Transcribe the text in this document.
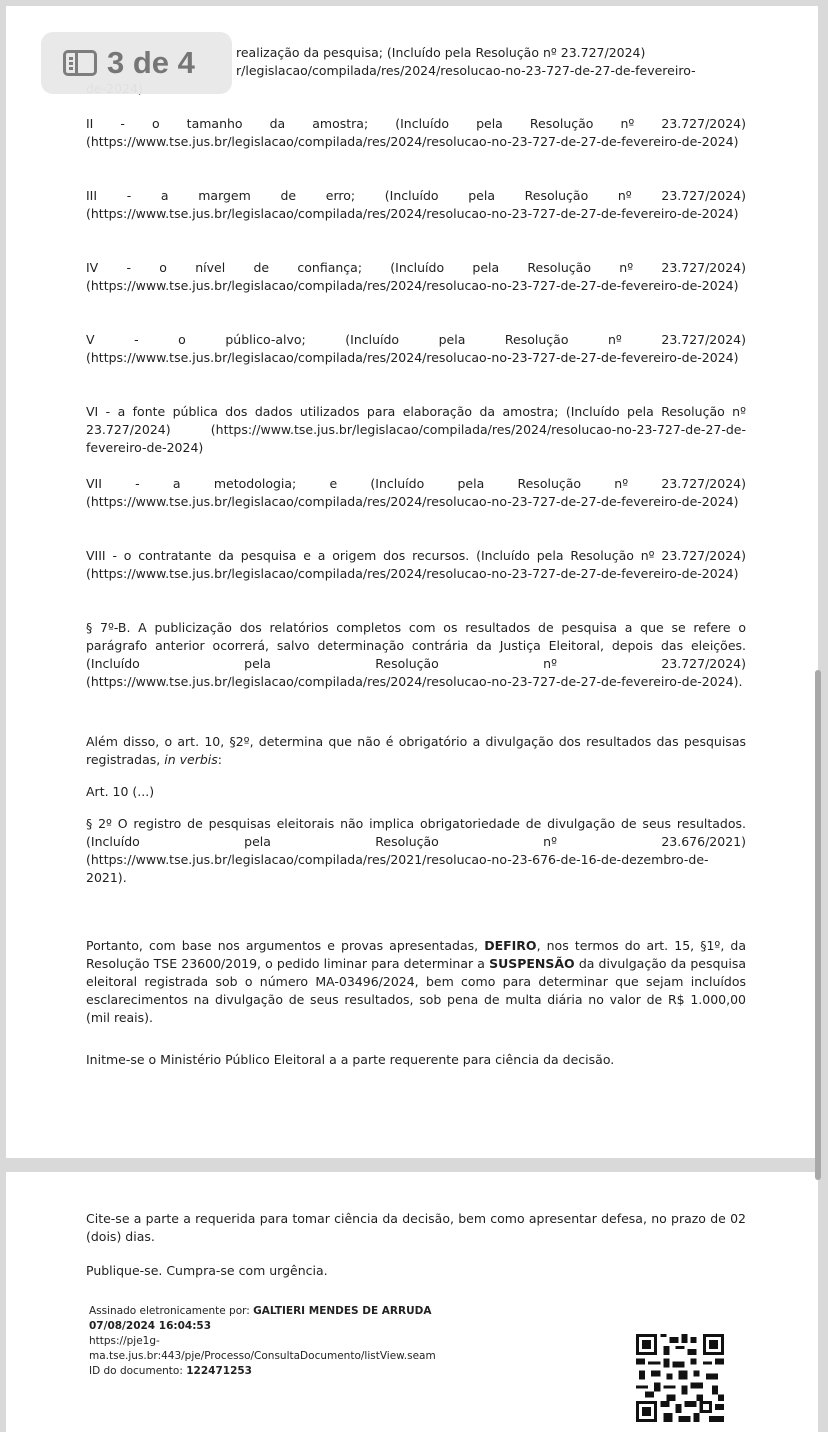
realização da pesquisa; (Incluído pela Resolução nº 23.727/2024)
r/legislacao/compilada/res/2024/resolucao-no-23-727-de-27-de-fevereiro-
II - o tamanho da amostra; (Incluído pela Resolução nº 23.727/2024) (https://www.tse.jus.br/legislacao/compilada/res/2024/resolucao-no-23-727-de-27-de-fevereiro-de-2024)
III - a margem de erro; (Incluído pela Resolução nº 23.727/2024) (https://www.tse.jus.br/legislacao/compilada/res/2024/resolucao-no-23-727-de-27-de-fevereiro-de-2024)
IV - o nível de confiança; (Incluído pela Resolução nº 23.727/2024) (https://www.tse.jus.br/legislacao/compilada/res/2024/resolucao-no-23-727-de-27-de-fevereiro-de-2024)
V - o público-alvo; (Incluído pela Resolução nº 23.727/2024) (https://www.tse.jus.br/legislacao/compilada/res/2024/resolucao-no-23-727-de-27-de-fevereiro-de-2024)
VI - a fonte pública dos dados utilizados para elaboração da amostra; (Incluído pela Resolução nº 23.727/2024) (https://www.tse.jus.br/legislacao/compilada/res/2024/resolucao-no-23-727-de-27-de-fevereiro-de-2024)
VII - a metodologia; e (Incluído pela Resolução nº 23.727/2024) (https://www.tse.jus.br/legislacao/compilada/res/2024/resolucao-no-23-727-de-27-de-fevereiro-de-2024)
VIII - o contratante da pesquisa e a origem dos recursos. (Incluído pela Resolução nº 23.727/2024) (https://www.tse.jus.br/legislacao/compilada/res/2024/resolucao-no-23-727-de-27-de-fevereiro-de-2024)
§ 7º-B. A publicização dos relatórios completos com os resultados de pesquisa a que se refere o parágrafo anterior ocorrerá, salvo determinação contrária da Justiça Eleitoral, depois das eleições. (Incluído pela Resolução nº 23.727/2024) (https://www.tse.jus.br/legislacao/compilada/res/2024/resolucao-no-23-727-de-27-de-fevereiro-de-2024).
Além disso, o art. 10, §2º, determina que não é obrigatório a divulgação dos resultados das pesquisas registradas, in verbis:
Art. 10 (...)
§ 2º O registro de pesquisas eleitorais não implica obrigatoriedade de divulgação de seus resultados. (Incluído pela Resolução nº 23.676/2021) (https://www.tse.jus.br/legislacao/compilada/res/2021/resolucao-no-23-676-de-16-de-dezembro-de-2021).
Portanto, com base nos argumentos e provas apresentadas, DEFIRO, nos termos do art. 15, §1º, da Resolução TSE 23600/2019, o pedido liminar para determinar a SUSPENSÃO da divulgação da pesquisa eleitoral registrada sob o número MA-03496/2024, bem como para determinar que sejam incluídos esclarecimentos na divulgação de seus resultados, sob pena de multa diária no valor de R$ 1.000,00 (mil reais).
Initme-se o Ministério Público Eleitoral a a parte requerente para ciência da decisão.
Cite-se a parte a requerida para tomar ciência da decisão, bem como apresentar defesa, no prazo de 02 (dois) dias.
Publique-se. Cumpra-se com urgência.
Assinado eletronicamente por: GALTIERI MENDES DE ARRUDA
07/08/2024 16:04:53
https://pje1g-
ma.tse.jus.br:443/pje/Processo/ConsultaDocumento/listView.seam
ID do documento: 122471253
3 de 4
